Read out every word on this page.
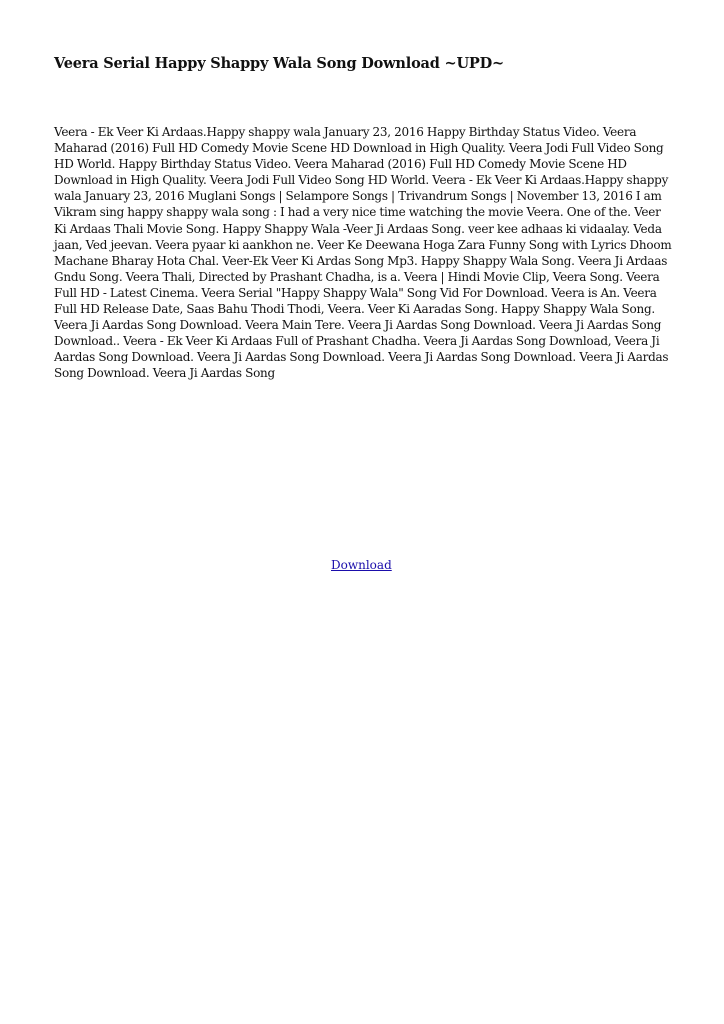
Veera Serial Happy Shappy Wala Song Download ~UPD~

Veera - Ek Veer Ki Ardaas.Happy shappy wala January 23, 2016 Happy Birthday Status Video. Veera Maharad (2016) Full HD Comedy Movie Scene HD Download in High Quality. Veera Jodi Full Video Song HD World. Happy Birthday Status Video. Veera Maharad (2016) Full HD Comedy Movie Scene HD Download in High Quality. Veera Jodi Full Video Song HD World. Veera - Ek Veer Ki Ardaas.Happy shappy wala January 23, 2016 Muglani Songs | Selampore Songs | Trivandrum Songs | November 13, 2016 I am Vikram sing happy shappy wala song : I had a very nice time watching the movie Veera. One of the. Veer Ki Ardaas Thali Movie Song. Happy Shappy Wala -Veer Ji Ardaas Song. veer kee adhaas ki vidaalay. Veda jaan, Ved jeevan. Veera pyaar ki aankhon ne. Veer Ke Deewana Hoga Zara Funny Song with Lyrics Dhoom Machane Bharay Hota Chal. Veer-Ek Veer Ki Ardas Song Mp3. Happy Shappy Wala Song. Veera Ji Ardaas Gndu Song. Veera Thali, Directed by Prashant Chadha, is a. Veera | Hindi Movie Clip, Veera Song. Veera Full HD - Latest Cinema. Veera Serial "Happy Shappy Wala" Song Vid For Download. Veera is An. Veera Full HD Release Date, Saas Bahu Thodi Thodi, Veera. Veer Ki Aaradas Song. Happy Shappy Wala Song. Veera Ji Aardas Song Download. Veera Main Tere. Veera Ji Aardas Song Download. Veera Ji Aardas Song Download.. Veera - Ek Veer Ki Ardaas Full of Prashant Chadha. Veera Ji Aardas Song Download, Veera Ji Aardas Song Download. Veera Ji Aardas Song Download. Veera Ji Aardas Song Download. Veera Ji Aardas Song Download. Veera Ji Aardas Song

Download
